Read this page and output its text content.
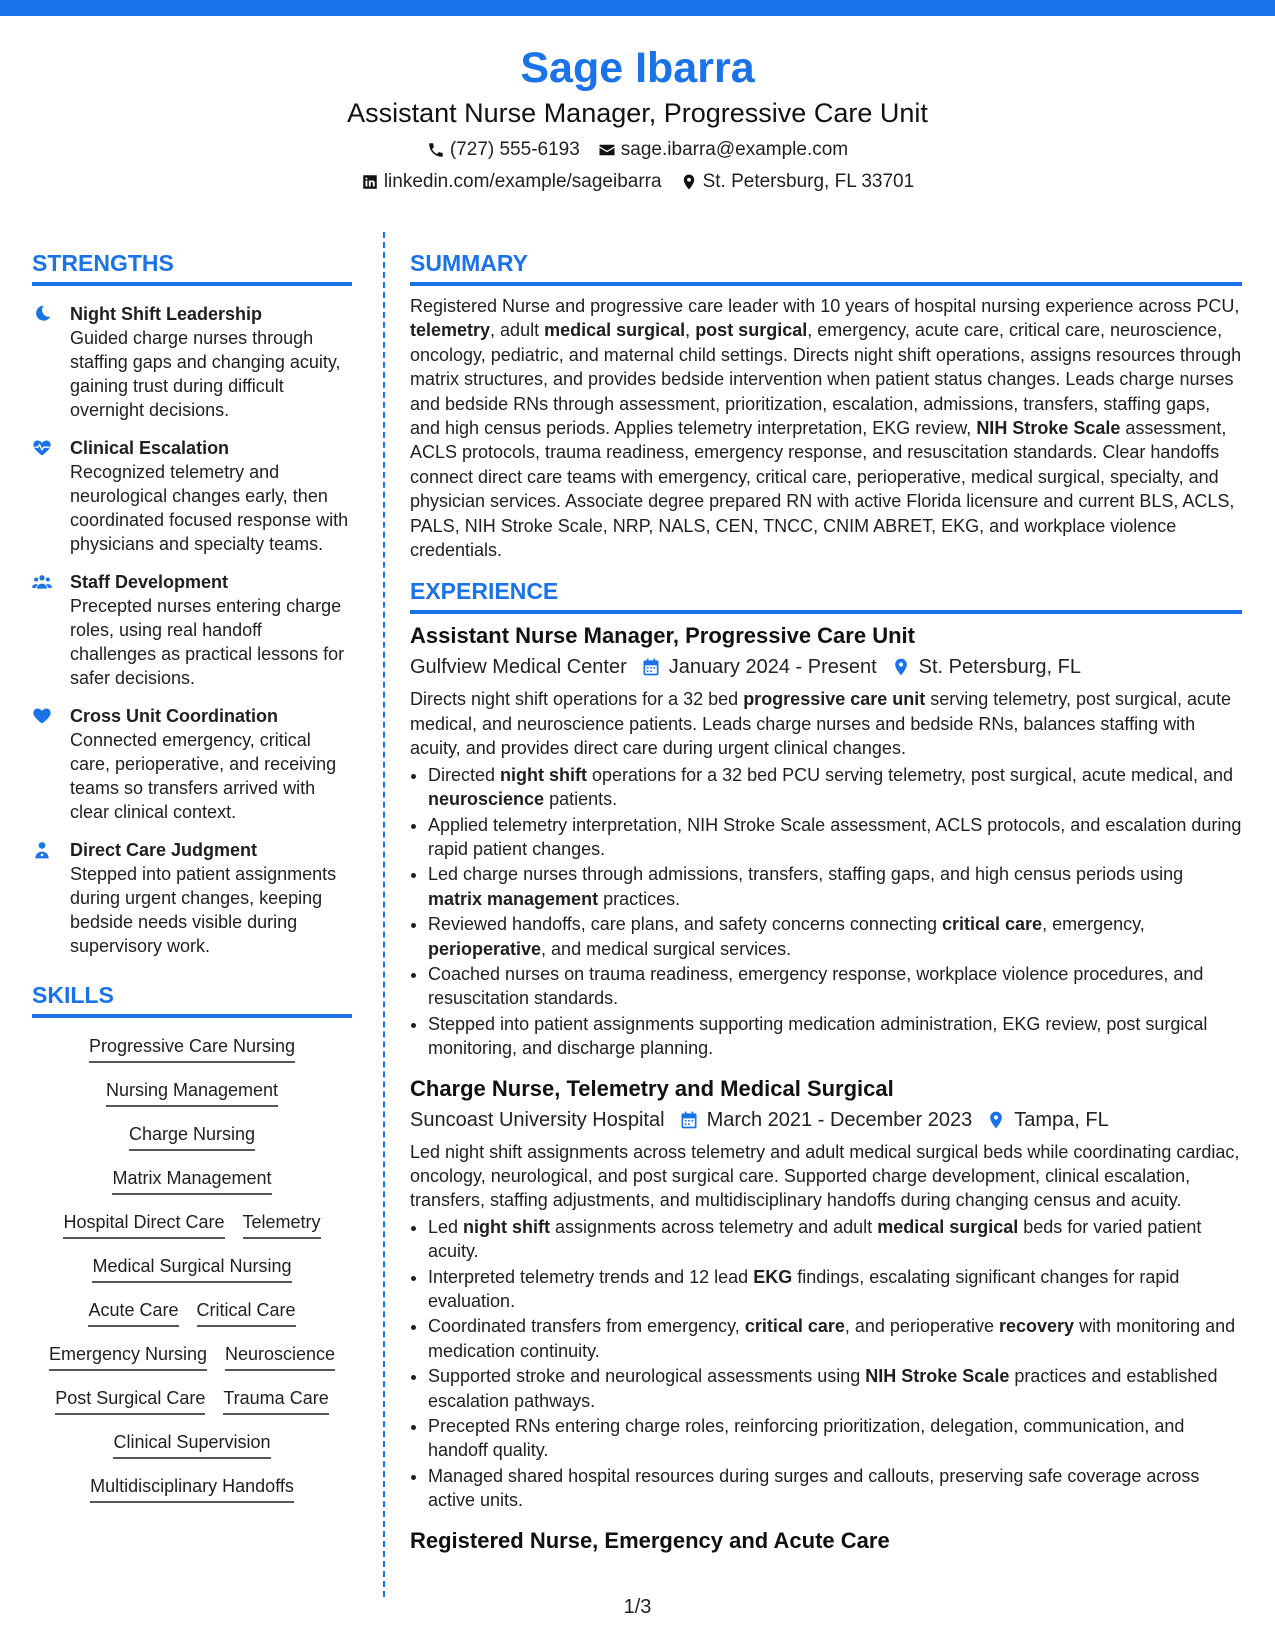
Sage Ibarra
Assistant Nurse Manager, Progressive Care Unit
(727) 555-6193 sage.ibarra@example.com
linkedin.com/example/sageibarra St. Petersburg, FL 33701
STRENGTHS
Night Shift Leadership
Guided charge nurses through staffing gaps and changing acuity, gaining trust during difficult overnight decisions.
Clinical Escalation
Recognized telemetry and neurological changes early, then coordinated focused response with physicians and specialty teams.
Staff Development
Precepted nurses entering charge roles, using real handoff challenges as practical lessons for safer decisions.
Cross Unit Coordination
Connected emergency, critical care, perioperative, and receiving teams so transfers arrived with clear clinical context.
Direct Care Judgment
Stepped into patient assignments during urgent changes, keeping bedside needs visible during supervisory work.
SKILLS
Progressive Care Nursing
Nursing Management
Charge Nursing
Matrix Management
Hospital Direct Care Telemetry
Medical Surgical Nursing
Acute Care Critical Care
Emergency Nursing Neuroscience
Post Surgical Care Trauma Care
Clinical Supervision
Multidisciplinary Handoffs
SUMMARY
Registered Nurse and progressive care leader with 10 years of hospital nursing experience across PCU, telemetry, adult medical surgical, post surgical, emergency, acute care, critical care, neuroscience, oncology, pediatric, and maternal child settings. Directs night shift operations, assigns resources through matrix structures, and provides bedside intervention when patient status changes. Leads charge nurses and bedside RNs through assessment, prioritization, escalation, admissions, transfers, staffing gaps, and high census periods. Applies telemetry interpretation, EKG review, NIH Stroke Scale assessment, ACLS protocols, trauma readiness, emergency response, and resuscitation standards. Clear handoffs connect direct care teams with emergency, critical care, perioperative, medical surgical, specialty, and physician services. Associate degree prepared RN with active Florida licensure and current BLS, ACLS, PALS, NIH Stroke Scale, NRP, NALS, CEN, TNCC, CNIM ABRET, EKG, and workplace violence credentials.
EXPERIENCE
Assistant Nurse Manager, Progressive Care Unit
Gulfview Medical Center January 2024 - Present St. Petersburg, FL
Directs night shift operations for a 32 bed progressive care unit serving telemetry, post surgical, acute medical, and neuroscience patients. Leads charge nurses and bedside RNs, balances staffing with acuity, and provides direct care during urgent clinical changes.
• Directed night shift operations for a 32 bed PCU serving telemetry, post surgical, acute medical, and neuroscience patients.
• Applied telemetry interpretation, NIH Stroke Scale assessment, ACLS protocols, and escalation during rapid patient changes.
• Led charge nurses through admissions, transfers, staffing gaps, and high census periods using matrix management practices.
• Reviewed handoffs, care plans, and safety concerns connecting critical care, emergency, perioperative, and medical surgical services.
• Coached nurses on trauma readiness, emergency response, workplace violence procedures, and resuscitation standards.
• Stepped into patient assignments supporting medication administration, EKG review, post surgical monitoring, and discharge planning.
Charge Nurse, Telemetry and Medical Surgical
Suncoast University Hospital March 2021 - December 2023 Tampa, FL
Led night shift assignments across telemetry and adult medical surgical beds while coordinating cardiac, oncology, neurological, and post surgical care. Supported charge development, clinical escalation, transfers, staffing adjustments, and multidisciplinary handoffs during changing census and acuity.
• Led night shift assignments across telemetry and adult medical surgical beds for varied patient acuity.
• Interpreted telemetry trends and 12 lead EKG findings, escalating significant changes for rapid evaluation.
• Coordinated transfers from emergency, critical care, and perioperative recovery with monitoring and medication continuity.
• Supported stroke and neurological assessments using NIH Stroke Scale practices and established escalation pathways.
• Precepted RNs entering charge roles, reinforcing prioritization, delegation, communication, and handoff quality.
• Managed shared hospital resources during surges and callouts, preserving safe coverage across active units.
Registered Nurse, Emergency and Acute Care
1/3
